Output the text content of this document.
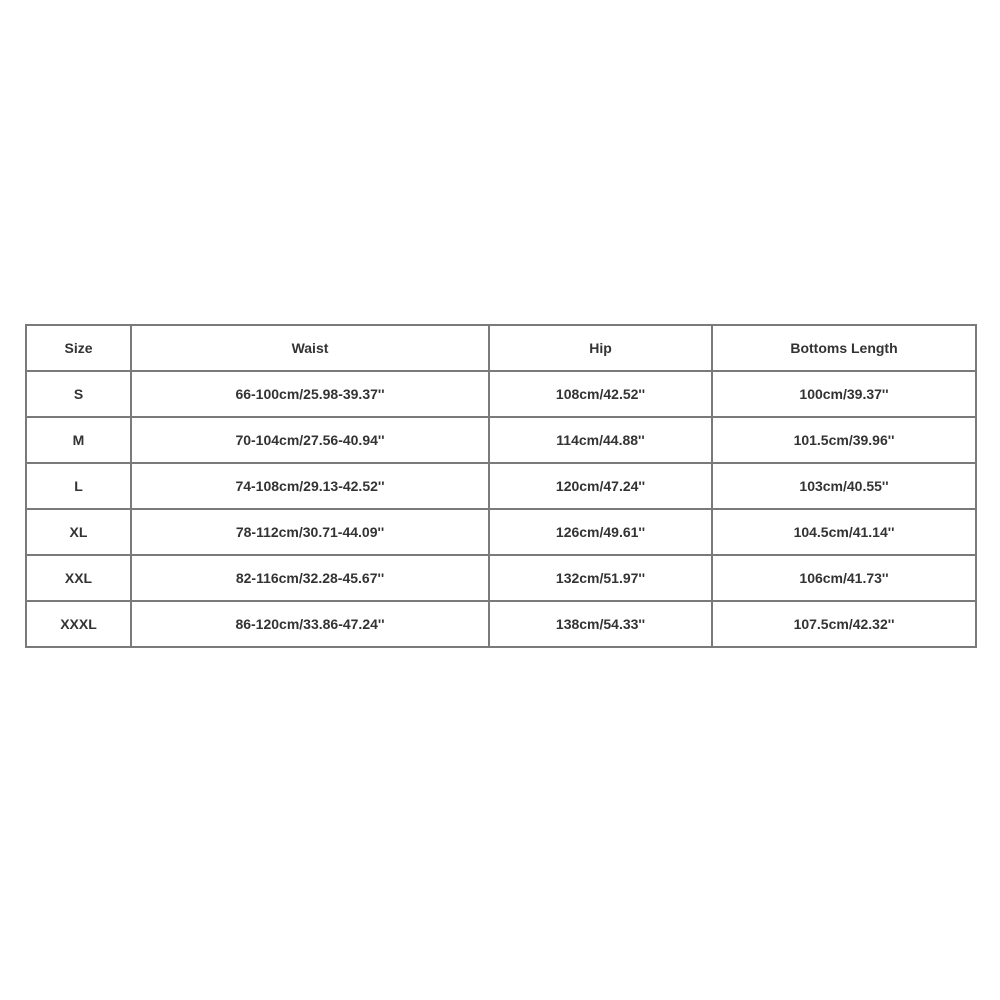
Size	Waist	Hip	Bottoms Length
S	66-100cm/25.98-39.37''	108cm/42.52''	100cm/39.37''
M	70-104cm/27.56-40.94''	114cm/44.88''	101.5cm/39.96''
L	74-108cm/29.13-42.52''	120cm/47.24''	103cm/40.55''
XL	78-112cm/30.71-44.09''	126cm/49.61''	104.5cm/41.14''
XXL	82-116cm/32.28-45.67''	132cm/51.97''	106cm/41.73''
XXXL	86-120cm/33.86-47.24''	138cm/54.33''	107.5cm/42.32''
